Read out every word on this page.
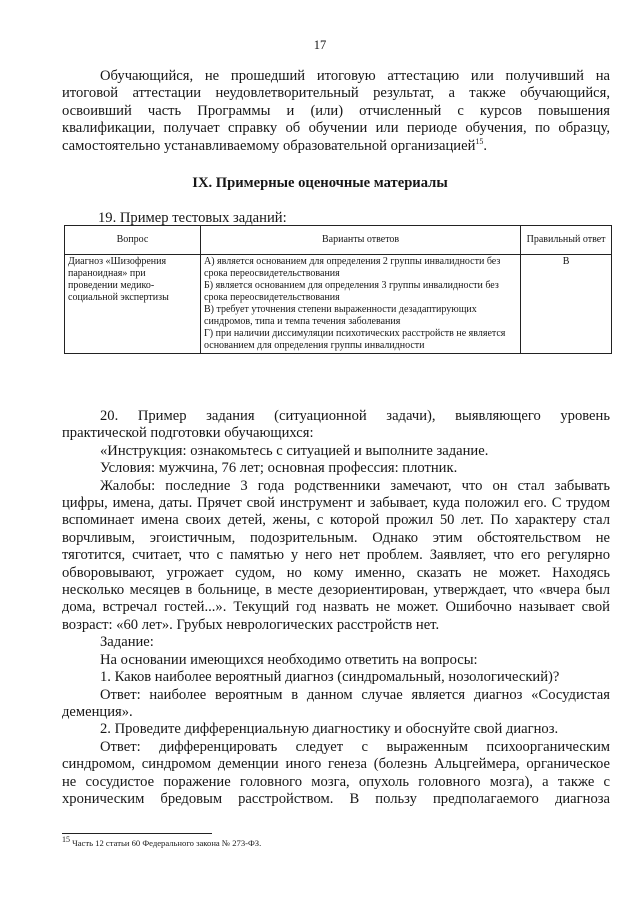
17
Обучающийся, не прошедший итоговую аттестацию или получивший на
итоговой аттестации неудовлетворительный результат, а также обучающийся,
освоивший часть Программы и (или) отчисленный с курсов повышения
квалификации, получает справку об обучении или периоде обучения, по образцу,
самостоятельно устанавливаемому образовательной организацией$^{15}$.
IX. Примерные оценочные материалы
19. Пример тестовых заданий:
Вопрос	Варианты ответов	Правильный ответ
Диагноз «Шизофрения параноидная» при проведении медико-социальной экспертизы	А) является основанием для определения 2 группы инвалидности без срока переосвидетельствования
Б) является основанием для определения 3 группы инвалидности без срока переосвидетельствования
В) требует уточнения степени выраженности дезадаптирующих синдромов, типа и темпа течения заболевания
Г) при наличии диссимуляции психотических расстройств не является основанием для определения группы инвалидности	В
20. Пример задания (ситуационной задачи), выявляющего уровень
практической подготовки обучающихся:
«Инструкция: ознакомьтесь с ситуацией и выполните задание.
Условия: мужчина, 76 лет; основная профессия: плотник.
Жалобы: последние 3 года родственники замечают, что он стал забывать
цифры, имена, даты. Прячет свой инструмент и забывает, куда положил его. С трудом
вспоминает имена своих детей, жены, с которой прожил 50 лет. По характеру стал
ворчливым, эгоистичным, подозрительным. Однако этим обстоятельством не
тяготится, считает, что с памятью у него нет проблем. Заявляет, что его регулярно
обворовывают, угрожает судом, но кому именно, сказать не может. Находясь
несколько месяцев в больнице, в месте дезориентирован, утверждает, что «вчера был
дома, встречал гостей...». Текущий год назвать не может. Ошибочно называет свой
возраст: «60 лет». Грубых неврологических расстройств нет.
Задание:
На основании имеющихся необходимо ответить на вопросы:
1. Каков наиболее вероятный диагноз (синдромальный, нозологический)?
Ответ: наиболее вероятным в данном случае является диагноз «Сосудистая
деменция».
2. Проведите дифференциальную диагностику и обоснуйте свой диагноз.
Ответ: дифференцировать следует с выраженным психоорганическим
синдромом, синдромом деменции иного генеза (болезнь Альцгеймера, органическое
не сосудистое поражение головного мозга, опухоль головного мозга), а также с
хроническим бредовым расстройством. В пользу предполагаемого диагноза
$^{15}$ Часть 12 статьи 60 Федерального закона № 273-ФЗ.
